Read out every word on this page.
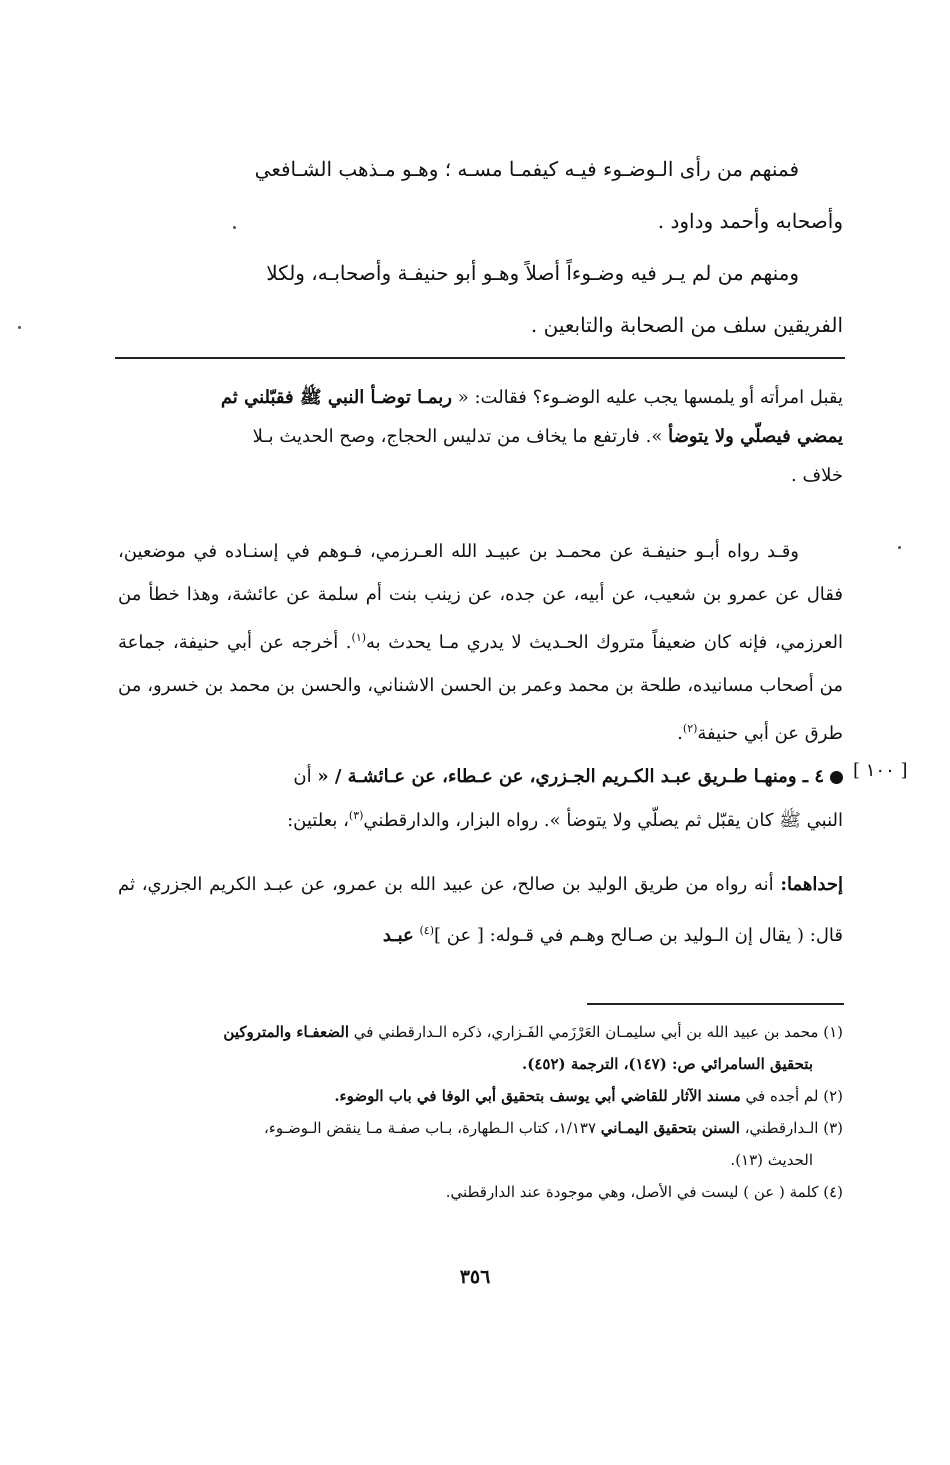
فمنهم من رأى الـوضـوء فيـه كيفمـا مسـه ؛ وهـو مـذهب الشـافعي

وأصحابه وأحمد وداود .

ومنهم من لم يـر فيه وضـوءاً أصلاً وهـو أبو حنيفـة وأصحابـه، ولكلا

الفريقين سلف من الصحابة والتابعين .

يقبل امرأته أو يلمسها يجب عليه الوضـوء؟ فقالت: « ربمـا توضـأ النبي ﷺ فقبّلني ثم

يمضي فيصلّي ولا يتوضأ ». فارتفع ما يخاف من تدليس الحجاج، وصح الحديث بـلا

خلاف .

وقـد رواه أبـو حنيفـة عن محمـد بن عبيـد الله العـرزمي، فـوهم في إسنـاده في موضعين، فقال عن عمرو بن شعيب، عن أبيه، عن جده، عن زينب بنت أم سلمة عن عائشة، وهذا خطأ من العرزمي، فإنه كان ضعيفاً متروك الحـديث لا يدري مـا يحدث به$^{(١)}$. أخرجه عن أبي حنيفة، جماعة من أصحاب مسانيده، طلحة بن محمد وعمر بن الحسن الاشناني، والحسن بن محمد بن خسرو، من طرق عن أبي حنيفة$^{(٢)}$.

[ ١٠٠ ]

٤ ـ ومنهـا طـريق عبـد الكـريم الجـزري، عن عـطاء، عن عـائشـة / « أن

النبي ﷺ كان يقبّل ثم يصلّي ولا يتوضأ ». رواه البزار، والدارقطني$^{(٣)}$، بعلتين:

إحداهما: أنه رواه من طريق الوليد بن صالح، عن عبيد الله بن عمرو، عن عبـد الكريم الجزري، ثم قال: ( يقال إن الـوليد بن صـالح وهـم في قـوله: [ عن ]$^{(٤)}$ عبـد

(١) محمد بن عبيد الله بن أبي سليمـان العَرْزَمي الفَـزاري، ذكره الـدارقطني في الضعفـاء والمتروكين

بتحقيق السامرائي ص: (١٤٧)، الترجمة (٤٥٢).

(٢) لم أجده في مسند الآثار للقاضي أبي يوسف بتحقيق أبي الوفا في باب الوضوء.

(٣) الـدارقطني، السنن بتحقيق اليمـاني ١/١٣٧، كتاب الـطهارة، بـاب صفـة مـا ينقض الـوضـوء،

الحديث (١٣).

(٤) كلمة ( عن ) ليست في الأصل، وهي موجودة عند الدارقطني.

٣٥٦
